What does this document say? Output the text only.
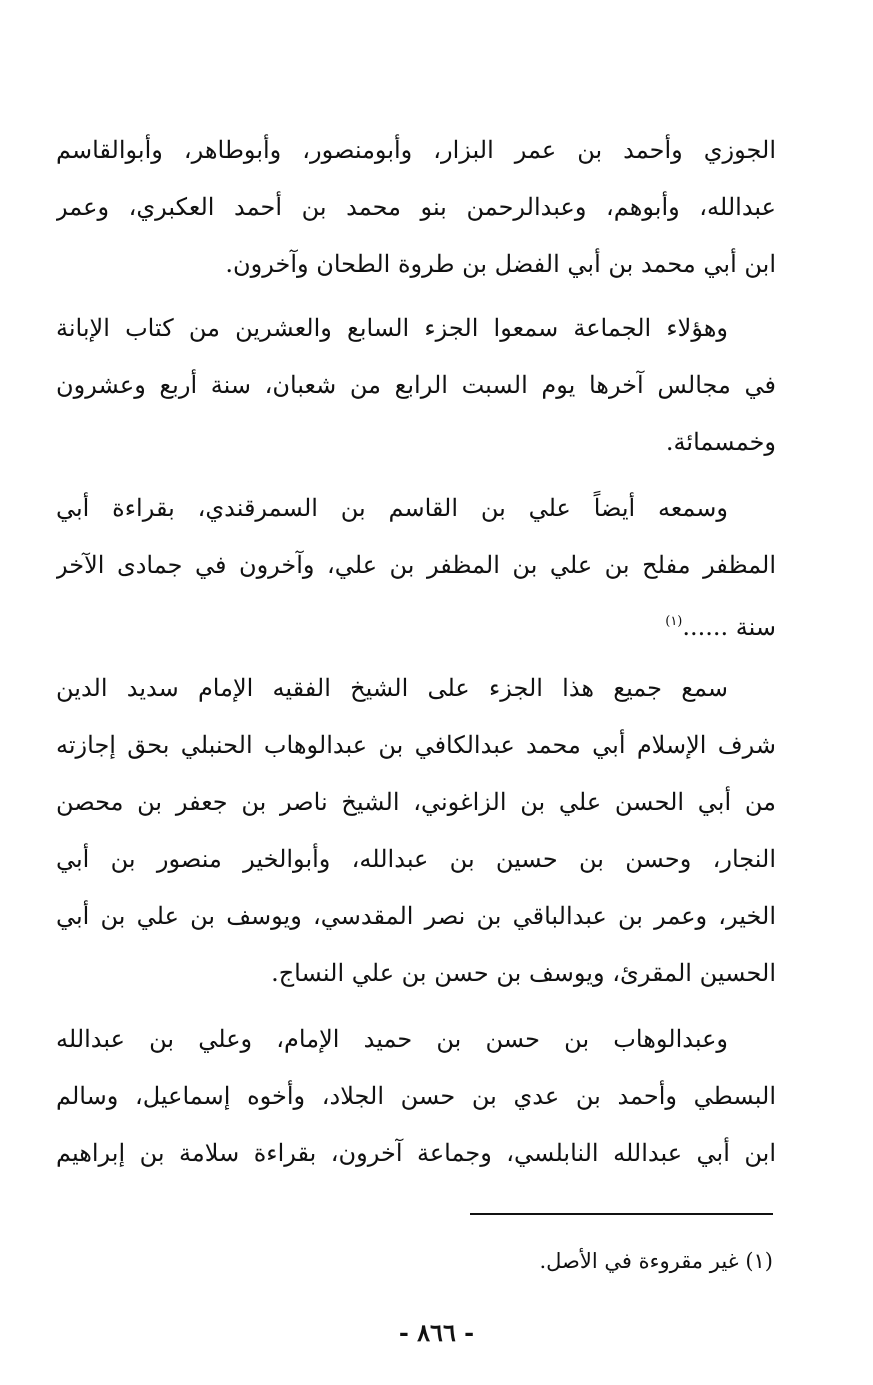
الجوزي وأحمد بن عمر البزار، وأبومنصور، وأبوطاهر، وأبوالقاسم
عبدالله، وأبوهم، وعبدالرحمن بنو محمد بن أحمد العكبري، وعمر
ابن أبي محمد بن أبي الفضل بن طروة الطحان وآخرون.
وهؤلاء الجماعة سمعوا الجزء السابع والعشرين من كتاب الإبانة
في مجالس آخرها يوم السبت الرابع من شعبان، سنة أربع وعشرون
وخمسمائة.
وسمعه أيضاً علي بن القاسم بن السمرقندي، بقراءة أبي
المظفر مفلح بن علي بن المظفر بن علي، وآخرون في جمادى الآخر
سنة ......$^{(١)}$
سمع جميع هذا الجزء على الشيخ الفقيه الإمام سديد الدين
شرف الإسلام أبي محمد عبدالكافي بن عبدالوهاب الحنبلي بحق إجازته
من أبي الحسن علي بن الزاغوني، الشيخ ناصر بن جعفر بن محصن
النجار، وحسن بن حسين بن عبدالله، وأبوالخير منصور بن أبي
الخير، وعمر بن عبدالباقي بن نصر المقدسي، ويوسف بن علي بن أبي
الحسين المقرئ، ويوسف بن حسن بن علي النساج.
وعبدالوهاب بن حسن بن حميد الإمام، وعلي بن عبدالله
البسطي وأحمد بن عدي بن حسن الجلاد، وأخوه إسماعيل، وسالم
ابن أبي عبدالله النابلسي، وجماعة آخرون، بقراءة سلامة بن إبراهيم
(١) غير مقروءة في الأصل.
- ٨٦٦ -
